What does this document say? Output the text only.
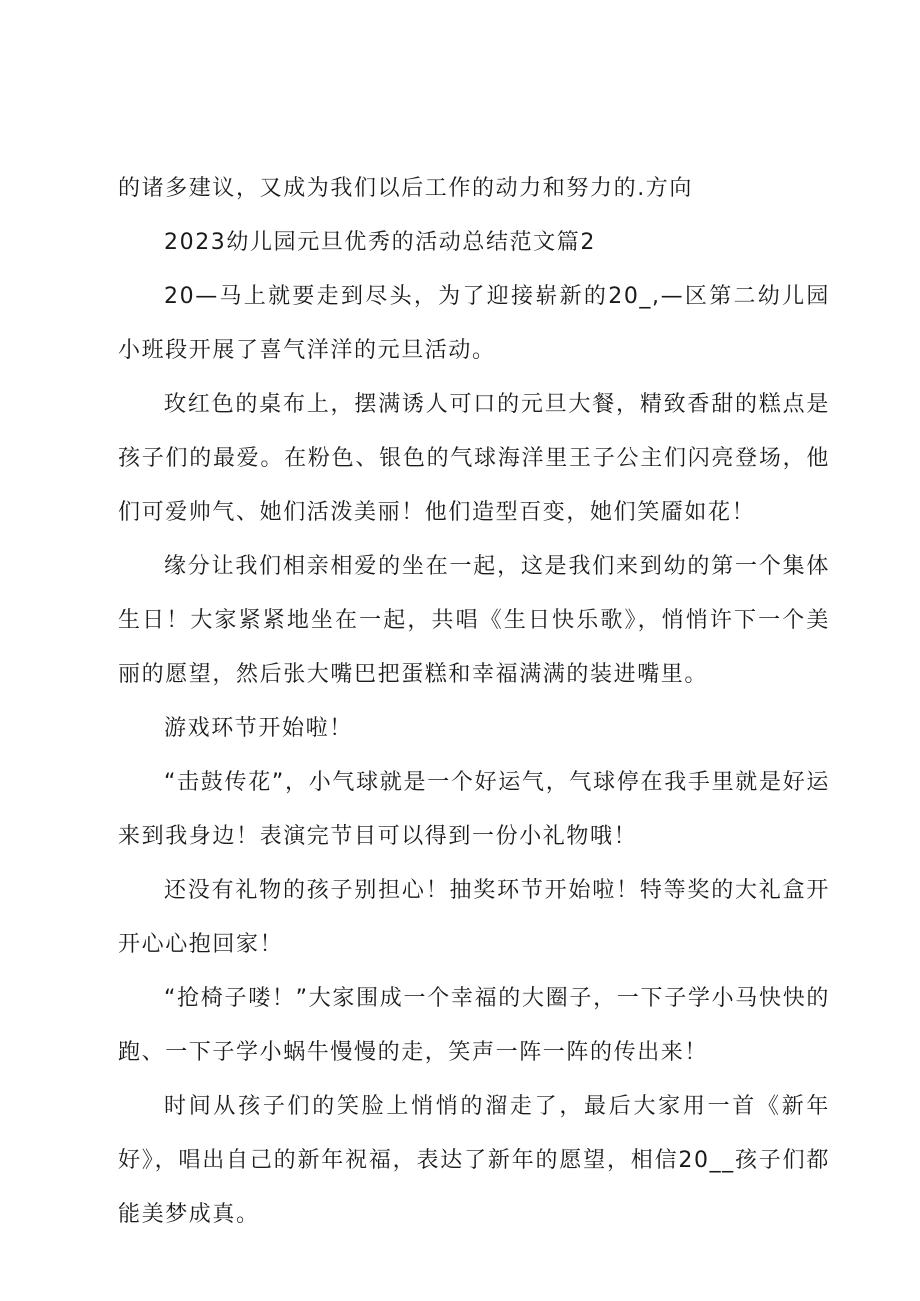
的诸多建议，又成为我们以后工作的动力和努力的.方向

2023幼儿园元旦优秀的活动总结范文篇2

20—马上就要走到尽头，为了迎接崭新的20_,—区第二幼儿园小班段开展了喜气洋洋的元旦活动。

玫红色的桌布上，摆满诱人可口的元旦大餐，精致香甜的糕点是孩子们的最爱。在粉色、银色的气球海洋里王子公主们闪亮登场，他们可爱帅气、她们活泼美丽！他们造型百变，她们笑靥如花！

缘分让我们相亲相爱的坐在一起，这是我们来到幼的第一个集体生日！大家紧紧地坐在一起，共唱《生日快乐歌》，悄悄许下一个美丽的愿望，然后张大嘴巴把蛋糕和幸福满满的装进嘴里。

游戏环节开始啦！

“击鼓传花”，小气球就是一个好运气，气球停在我手里就是好运来到我身边！表演完节目可以得到一份小礼物哦！

还没有礼物的孩子别担心！抽奖环节开始啦！特等奖的大礼盒开开心心抱回家！

“抢椅子喽！”大家围成一个幸福的大圈子，一下子学小马快快的跑、一下子学小蜗牛慢慢的走，笑声一阵一阵的传出来！

时间从孩子们的笑脸上悄悄的溜走了，最后大家用一首《新年好》，唱出自己的新年祝福，表达了新年的愿望，相信20__孩子们都能美梦成真。
